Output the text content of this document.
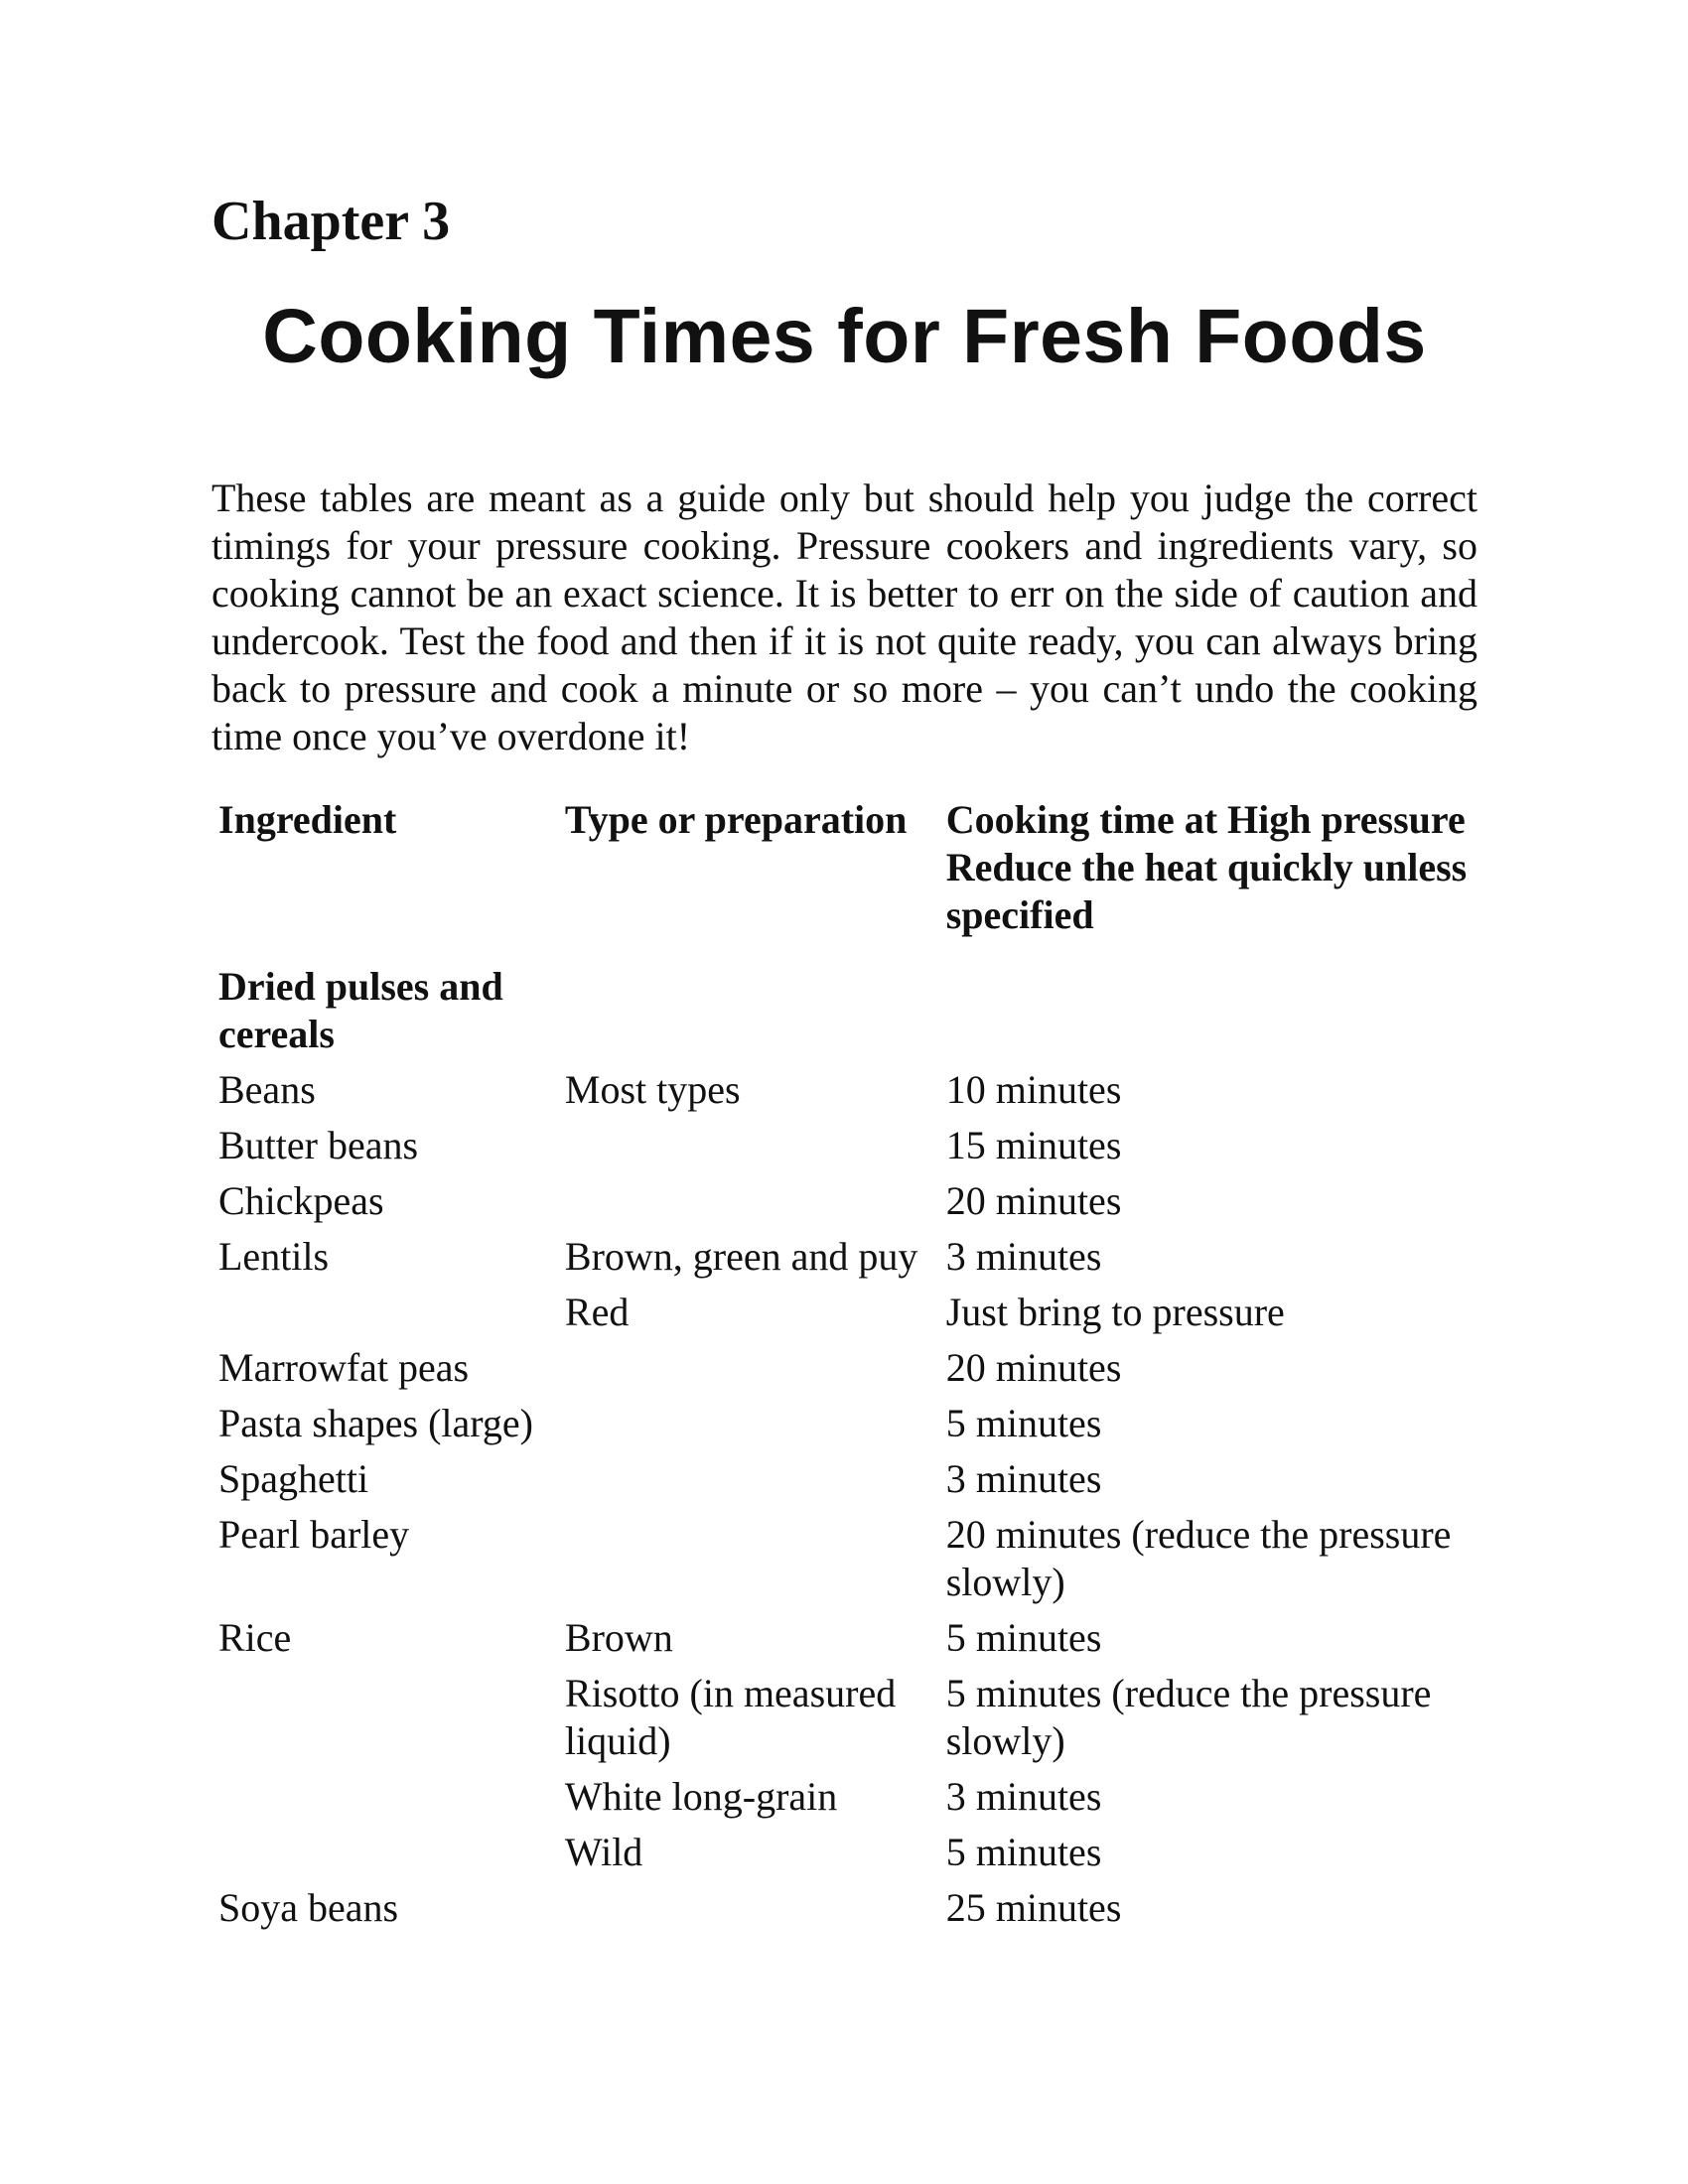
Chapter 3
Cooking Times for Fresh Foods

These tables are meant as a guide only but should help you judge the correct timings for your pressure cooking. Pressure cookers and ingredients vary, so cooking cannot be an exact science. It is better to err on the side of caution and undercook. Test the food and then if it is not quite ready, you can always bring back to pressure and cook a minute or so more – you can’t undo the cooking time once you’ve overdone it!

Ingredient	Type or preparation	Cooking time at High pressure
Reduce the heat quickly unless specified

Dried pulses and cereals		
Beans	Most types	10 minutes
Butter beans		15 minutes
Chickpeas		20 minutes
Lentils	Brown, green and puy	3 minutes
	Red	Just bring to pressure
Marrowfat peas		20 minutes
Pasta shapes (large)		5 minutes
Spaghetti		3 minutes
Pearl barley		20 minutes (reduce the pressure slowly)
Rice	Brown	5 minutes
	Risotto (in measured liquid)	5 minutes (reduce the pressure slowly)
	White long-grain	3 minutes
	Wild	5 minutes
Soya beans		25 minutes
